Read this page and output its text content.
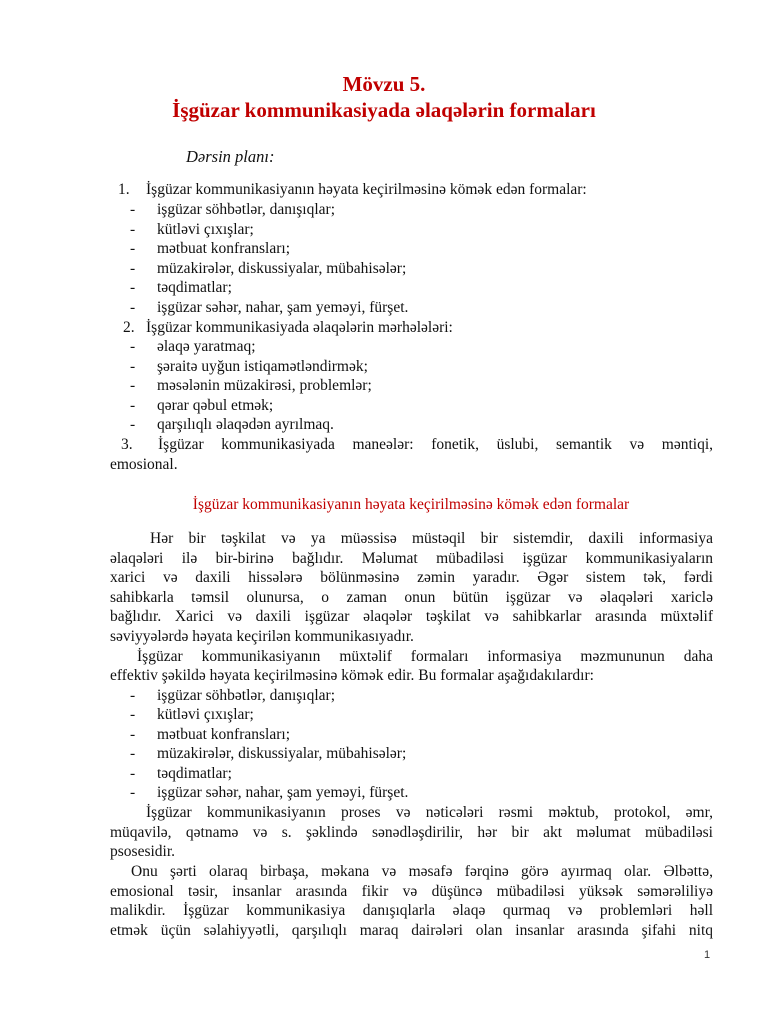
Mövzu 5.
İşgüzar kommunikasiyada əlaqələrin formaları
Dərsin planı:
1. İşgüzar kommunikasiyanın həyata keçirilməsinə kömək edən formalar:
-	işgüzar söhbətlər, danışıqlar;
-	kütləvi çıxışlar;
-	mətbuat konfransları;
-	müzakirələr, diskussiyalar, mübahisələr;
-	təqdimatlar;
-	işgüzar səhər, nahar, şam yeməyi, fürşet.
2. İşgüzar kommunikasiyada əlaqələrin mərhələləri:
-	əlaqə yaratmaq;
-	şəraitə uyğun istiqamətləndirmək;
-	məsələnin müzakirəsi, problemlər;
-	qərar qəbul etmək;
-	qarşılıqlı əlaqədən ayrılmaq.
3. İşgüzar kommunikasiyada maneələr: fonetik, üslubi, semantik və məntiqi,
emosional.
İşgüzar kommunikasiyanın həyata keçirilməsinə kömək edən formalar
Hər bir təşkilat və ya müəssisə müstəqil bir sistemdir, daxili informasiya
əlaqələri ilə bir-birinə bağlıdır. Məlumat mübadiləsi işgüzar kommunikasiyaların
xarici və daxili hissələrə bölünməsinə zəmin yaradır. Əgər sistem tək, fərdi
sahibkarla təmsil olunursa, o zaman onun bütün işgüzar və əlaqələri xariclə
bağlıdır. Xarici və daxili işgüzar əlaqələr təşkilat və sahibkarlar arasında müxtəlif
səviyyələrdə həyata keçirilən kommunikasıyadır.
İşgüzar kommunikasiyanın müxtəlif formaları informasiya məzmununun daha
effektiv şəkildə həyata keçirilməsinə kömək edir. Bu formalar aşağıdakılardır:
-	işgüzar söhbətlər, danışıqlar;
-	kütləvi çıxışlar;
-	mətbuat konfransları;
-	müzakirələr, diskussiyalar, mübahisələr;
-	təqdimatlar;
-	işgüzar səhər, nahar, şam yeməyi, fürşet.
İşgüzar kommunikasiyanın proses və nəticələri rəsmi məktub, protokol, əmr,
müqavilə, qətnamə və s. şəklində sənədləşdirilir, hər bir akt məlumat mübadiləsi
psosesidir.
Onu şərti olaraq birbaşa, məkana və məsafə fərqinə görə ayırmaq olar. Əlbəttə,
emosional təsir, insanlar arasında fikir və düşüncə mübadiləsi yüksək səmərəliliyə
malikdir. İşgüzar kommunikasiya danışıqlarla əlaqə qurmaq və problemləri həll
etmək üçün səlahiyyətli, qarşılıqlı maraq dairələri olan insanlar arasında şifahi nitq
1
